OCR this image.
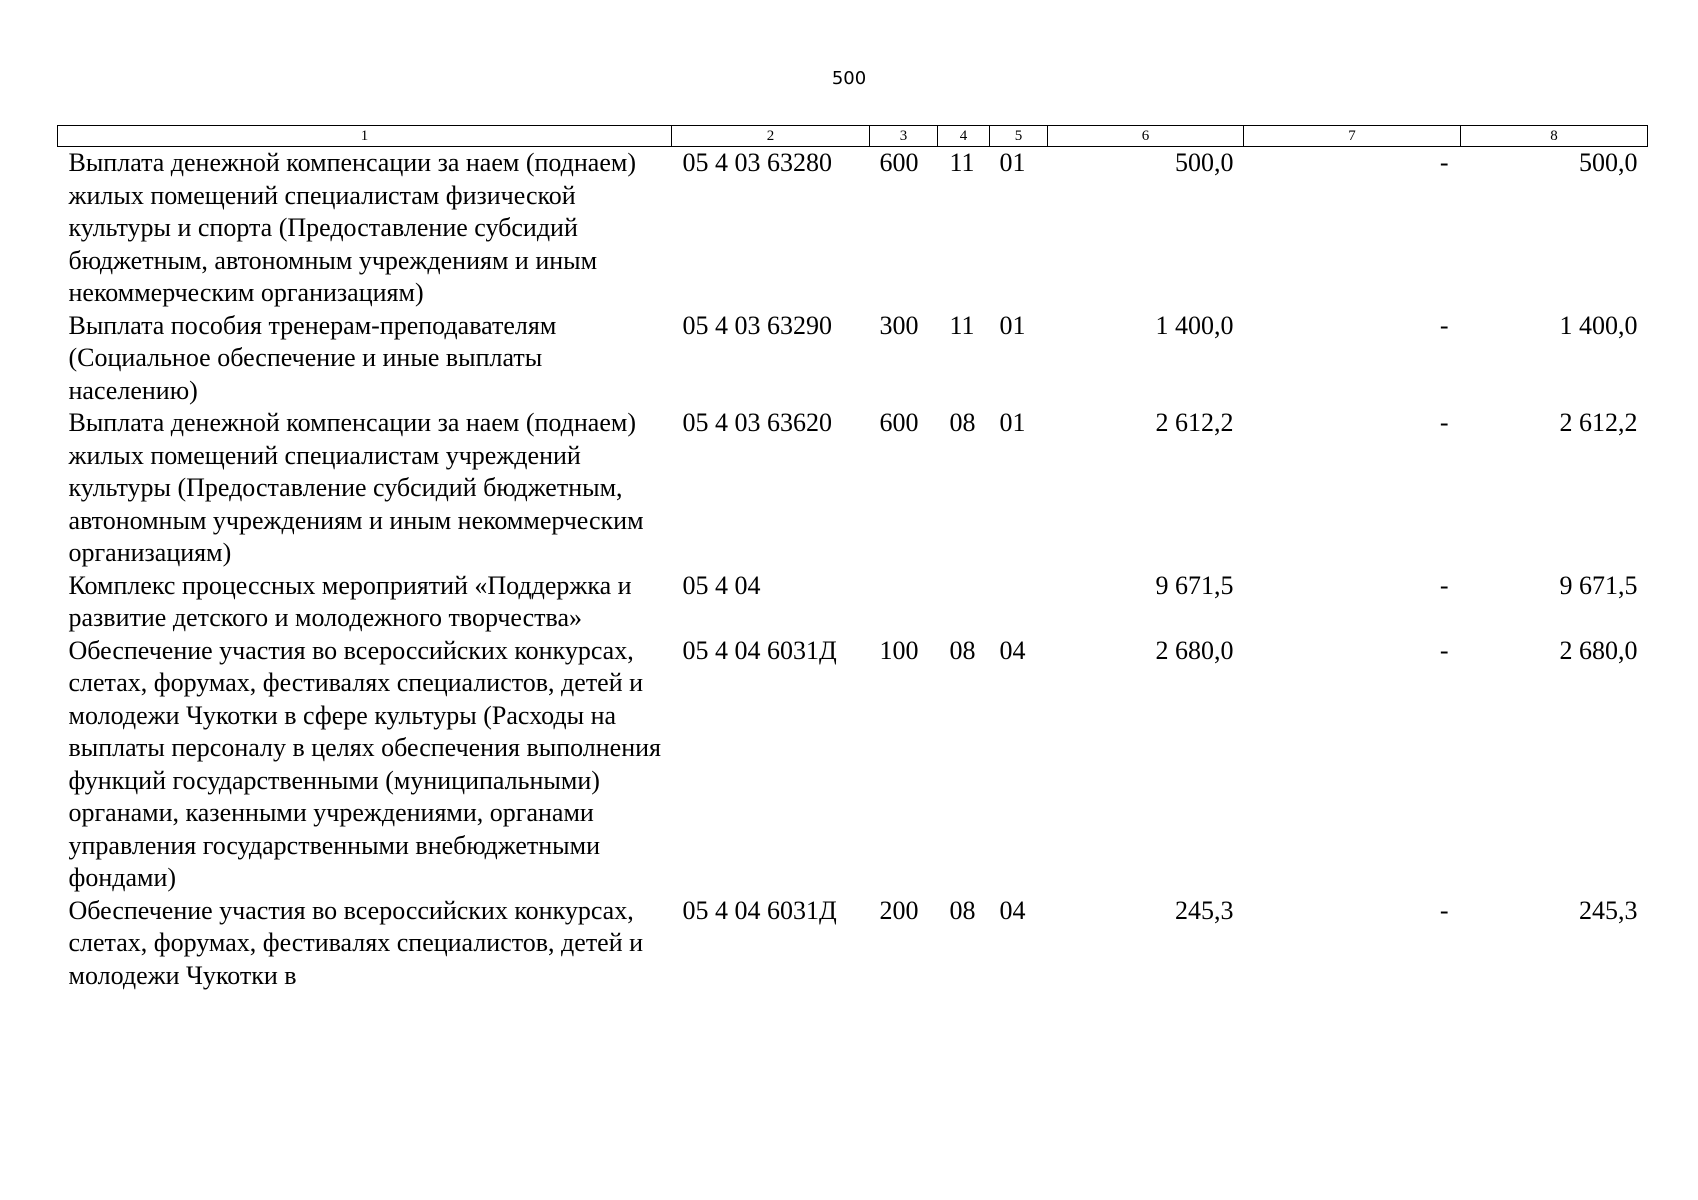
500
1	2	3	4	5	6	7	8
Выплата денежной компенсации за наем (поднаем) жилых помещений специалистам физической культуры и спорта (Предоставление субсидий бюджетным, автономным учреждениям и иным некоммерческим организациям)	05 4 03 63280	600	11	01	500,0	-	500,0
Выплата пособия тренерам-преподавателям (Социальное обеспечение и иные выплаты населению)	05 4 03 63290	300	11	01	1 400,0	-	1 400,0
Выплата денежной компенсации за наем (поднаем) жилых помещений специалистам учреждений культуры (Предоставление субсидий бюджетным, автономным учреждениям и иным некоммерческим организациям)	05 4 03 63620	600	08	01	2 612,2	-	2 612,2
Комплекс процессных мероприятий «Поддержка и развитие детского и молодежного творчества»	05 4 04				9 671,5	-	9 671,5
Обеспечение участия во всероссийских конкурсах, слетах, форумах, фестивалях специалистов, детей и молодежи Чукотки в сфере культуры (Расходы на выплаты персоналу в целях обеспечения выполнения функций государственными (муниципальными) органами, казенными учреждениями, органами управления государственными внебюджетными фондами)	05 4 04 6031Д	100	08	04	2 680,0	-	2 680,0
Обеспечение участия во всероссийских конкурсах, слетах, форумах, фестивалях специалистов, детей и молодежи Чукотки в	05 4 04 6031Д	200	08	04	245,3	-	245,3
